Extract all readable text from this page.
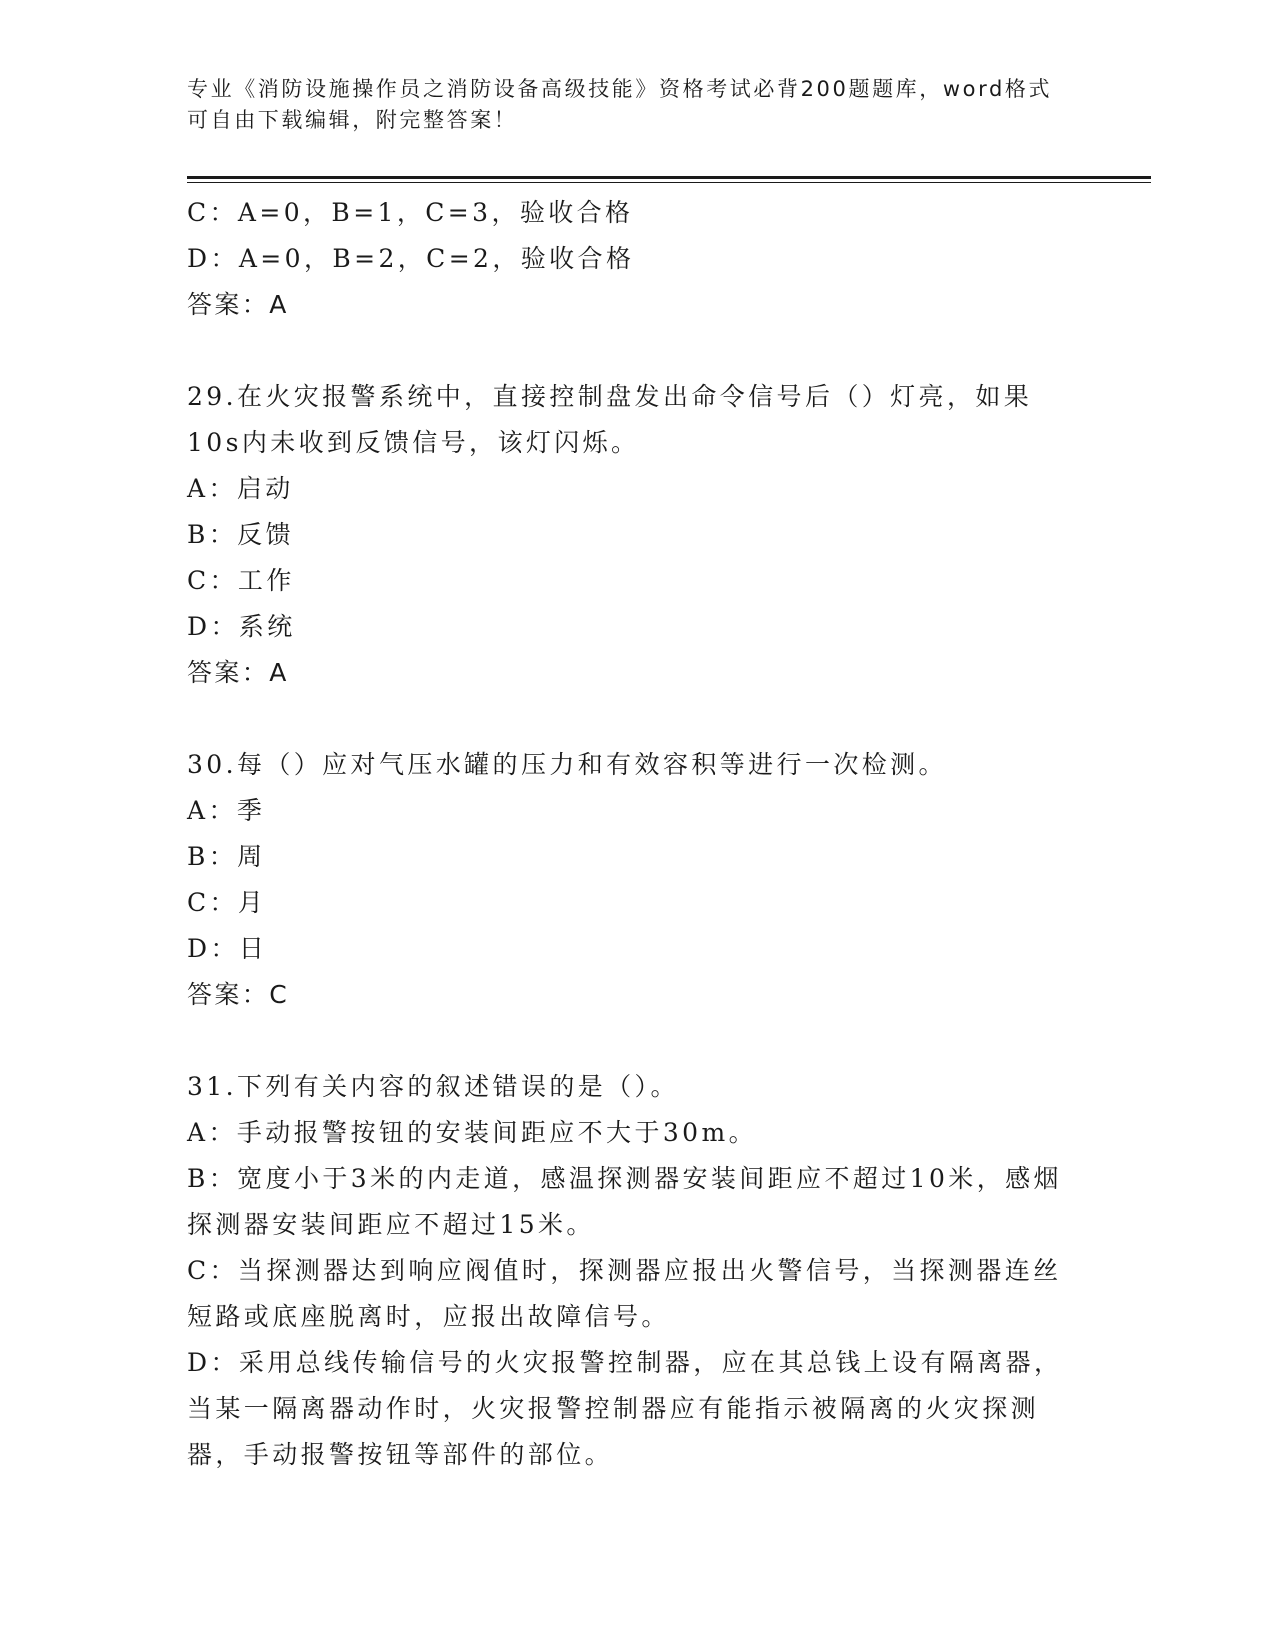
专业《消防设施操作员之消防设备高级技能》资格考试必背200题题库，word格式可自由下载编辑，附完整答案！
C：A=0，B=1，C=3，验收合格
D：A=0，B=2，C=2，验收合格
答案：A
29.在火灾报警系统中，直接控制盘发出命令信号后（）灯亮，如果10s内未收到反馈信号，该灯闪烁。
A：启动
B：反馈
C：工作
D：系统
答案：A
30.每（）应对气压水罐的压力和有效容积等进行一次检测。
A：季
B：周
C：月
D：日
答案：C
31.下列有关内容的叙述错误的是（）。
A：手动报警按钮的安装间距应不大于30m。
B：宽度小于3米的内走道，感温探测器安装间距应不超过10米，感烟探测器安装间距应不超过15米。
C：当探测器达到响应阀值时，探测器应报出火警信号，当探测器连丝短路或底座脱离时，应报出故障信号。
D：采用总线传输信号的火灾报警控制器，应在其总钱上设有隔离器，当某一隔离器动作时，火灾报警控制器应有能指示被隔离的火灾探测器，手动报警按钮等部件的部位。
